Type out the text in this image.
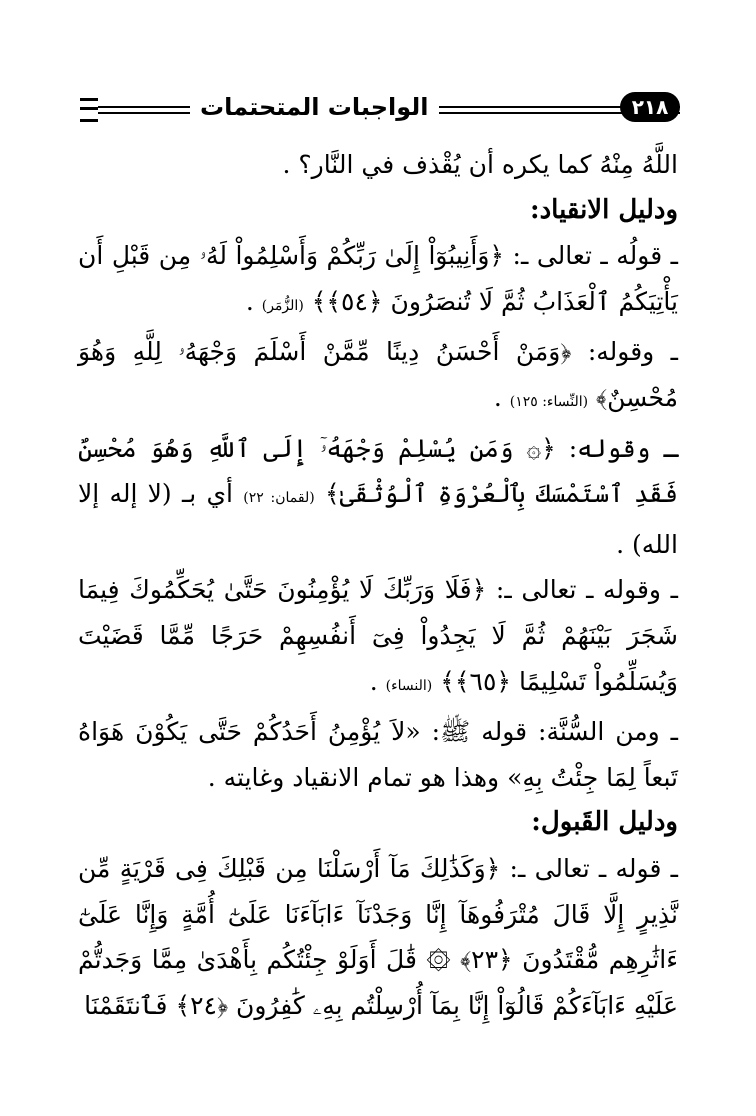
الواجبات المتحتمات	٢١٨

اللَّهُ مِنْهُ كما يكره أن يُقْذف في النَّار؟ .

ودليل الانقياد:

ـ قولُه ـ تعالى ـ: ﴿وَأَنِيبُوٓاْ إِلَىٰ رَبِّكُمْ وَأَسْلِمُواْ لَهُۥ مِن قَبْلِ أَن يَأْتِيَكُمُ ٱلْعَذَابُ ثُمَّ لَا تُنصَرُونَ ﴿٥٤﴾﴾ (الزُّمَر) .

ـ وقوله: ﴿وَمَنْ أَحْسَنُ دِينًا مِّمَّنْ أَسْلَمَ وَجْهَهُۥ لِلَّهِ وَهُوَ مُحْسِنٌ﴾ (النِّساء: ١٢٥) .

ـ وقوله: ﴿۞ وَمَن يُسْلِمْ وَجْهَهُۥٓ إِلَى ٱللَّهِ وَهُوَ مُحْسِنٌ فَقَدِ ٱسْتَمْسَكَ بِٱلْعُرْوَةِ ٱلْوُثْقَىٰ﴾ (لقمان: ٢٢) أي بـ (لا إله إلا الله) .

ـ وقوله ـ تعالى ـ: ﴿فَلَا وَرَبِّكَ لَا يُؤْمِنُونَ حَتَّىٰ يُحَكِّمُوكَ فِيمَا شَجَرَ بَيْنَهُمْ ثُمَّ لَا يَجِدُواْ فِىٓ أَنفُسِهِمْ حَرَجًا مِّمَّا قَضَيْتَ وَيُسَلِّمُواْ تَسْلِيمًا ﴿٦٥﴾﴾ (النساء) .

ـ ومن السُّنَّة: قوله ﷺ: «لاَ يُؤْمِنُ أَحَدُكُمْ حَتَّى يَكُوْنَ هَوَاهُ تَبعاً لِمَا جِئْتُ بِهِ» وهذا هو تمام الانقياد وغايته .

ودليل القَبول:

ـ قوله ـ تعالى ـ: ﴿وَكَذَٰلِكَ مَآ أَرْسَلْنَا مِن قَبْلِكَ فِى قَرْيَةٍ مِّن نَّذِيرٍ إِلَّا قَالَ مُتْرَفُوهَآ إِنَّا وَجَدْنَآ ءَابَآءَنَا عَلَىٰٓ أُمَّةٍ وَإِنَّا عَلَىٰٓ ءَاثَٰرِهِم مُّقْتَدُونَ ﴿٢٣﴾ ۞ قَٰلَ أَوَلَوْ جِئْتُكُم بِأَهْدَىٰ مِمَّا وَجَدتُّمْ عَلَيْهِ ءَابَآءَكُمْ قَالُوٓاْ إِنَّا بِمَآ أُرْسِلْتُم بِهِۦ كَٰفِرُونَ ﴿٢٤﴾ فَٱنتَقَمْنَا
